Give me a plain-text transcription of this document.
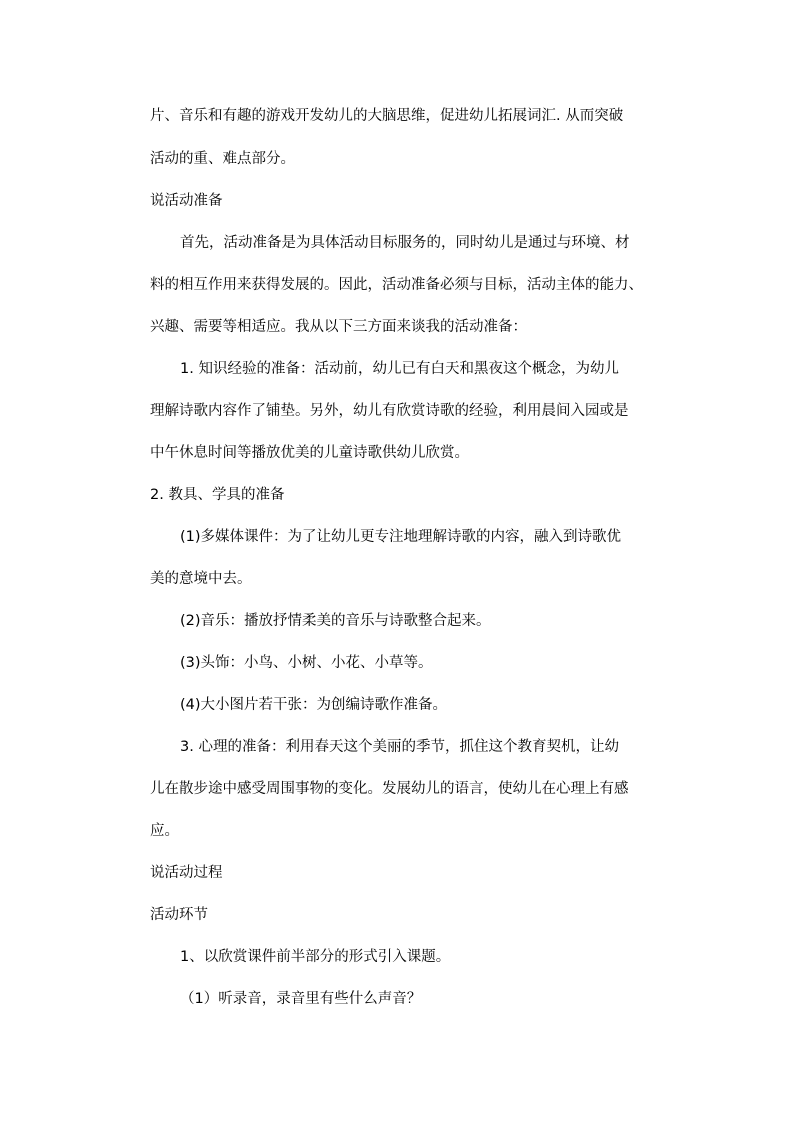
片、音乐和有趣的游戏开发幼儿的大脑思维，促进幼儿拓展词汇. 从而突破
活动的重、难点部分。
说活动准备
首先，活动准备是为具体活动目标服务的，同时幼儿是通过与环境、材
料的相互作用来获得发展的。因此，活动准备必须与目标，活动主体的能力、
兴趣、需要等相适应。我从以下三方面来谈我的活动准备：
1. 知识经验的准备：活动前，幼儿已有白天和黑夜这个概念，为幼儿
理解诗歌内容作了铺垫。另外，幼儿有欣赏诗歌的经验，利用晨间入园或是
中午休息时间等播放优美的儿童诗歌供幼儿欣赏。
2. 教具、学具的准备
(1)多媒体课件：为了让幼儿更专注地理解诗歌的内容，融入到诗歌优
美的意境中去。
(2)音乐：播放抒情柔美的音乐与诗歌整合起来。
(3)头饰：小鸟、小树、小花、小草等。
(4)大小图片若干张：为创编诗歌作准备。
3. 心理的准备：利用春天这个美丽的季节，抓住这个教育契机，让幼
儿在散步途中感受周围事物的变化。发展幼儿的语言，使幼儿在心理上有感
应。
说活动过程
活动环节
1、以欣赏课件前半部分的形式引入课题。
（1）听录音，录音里有些什么声音？
